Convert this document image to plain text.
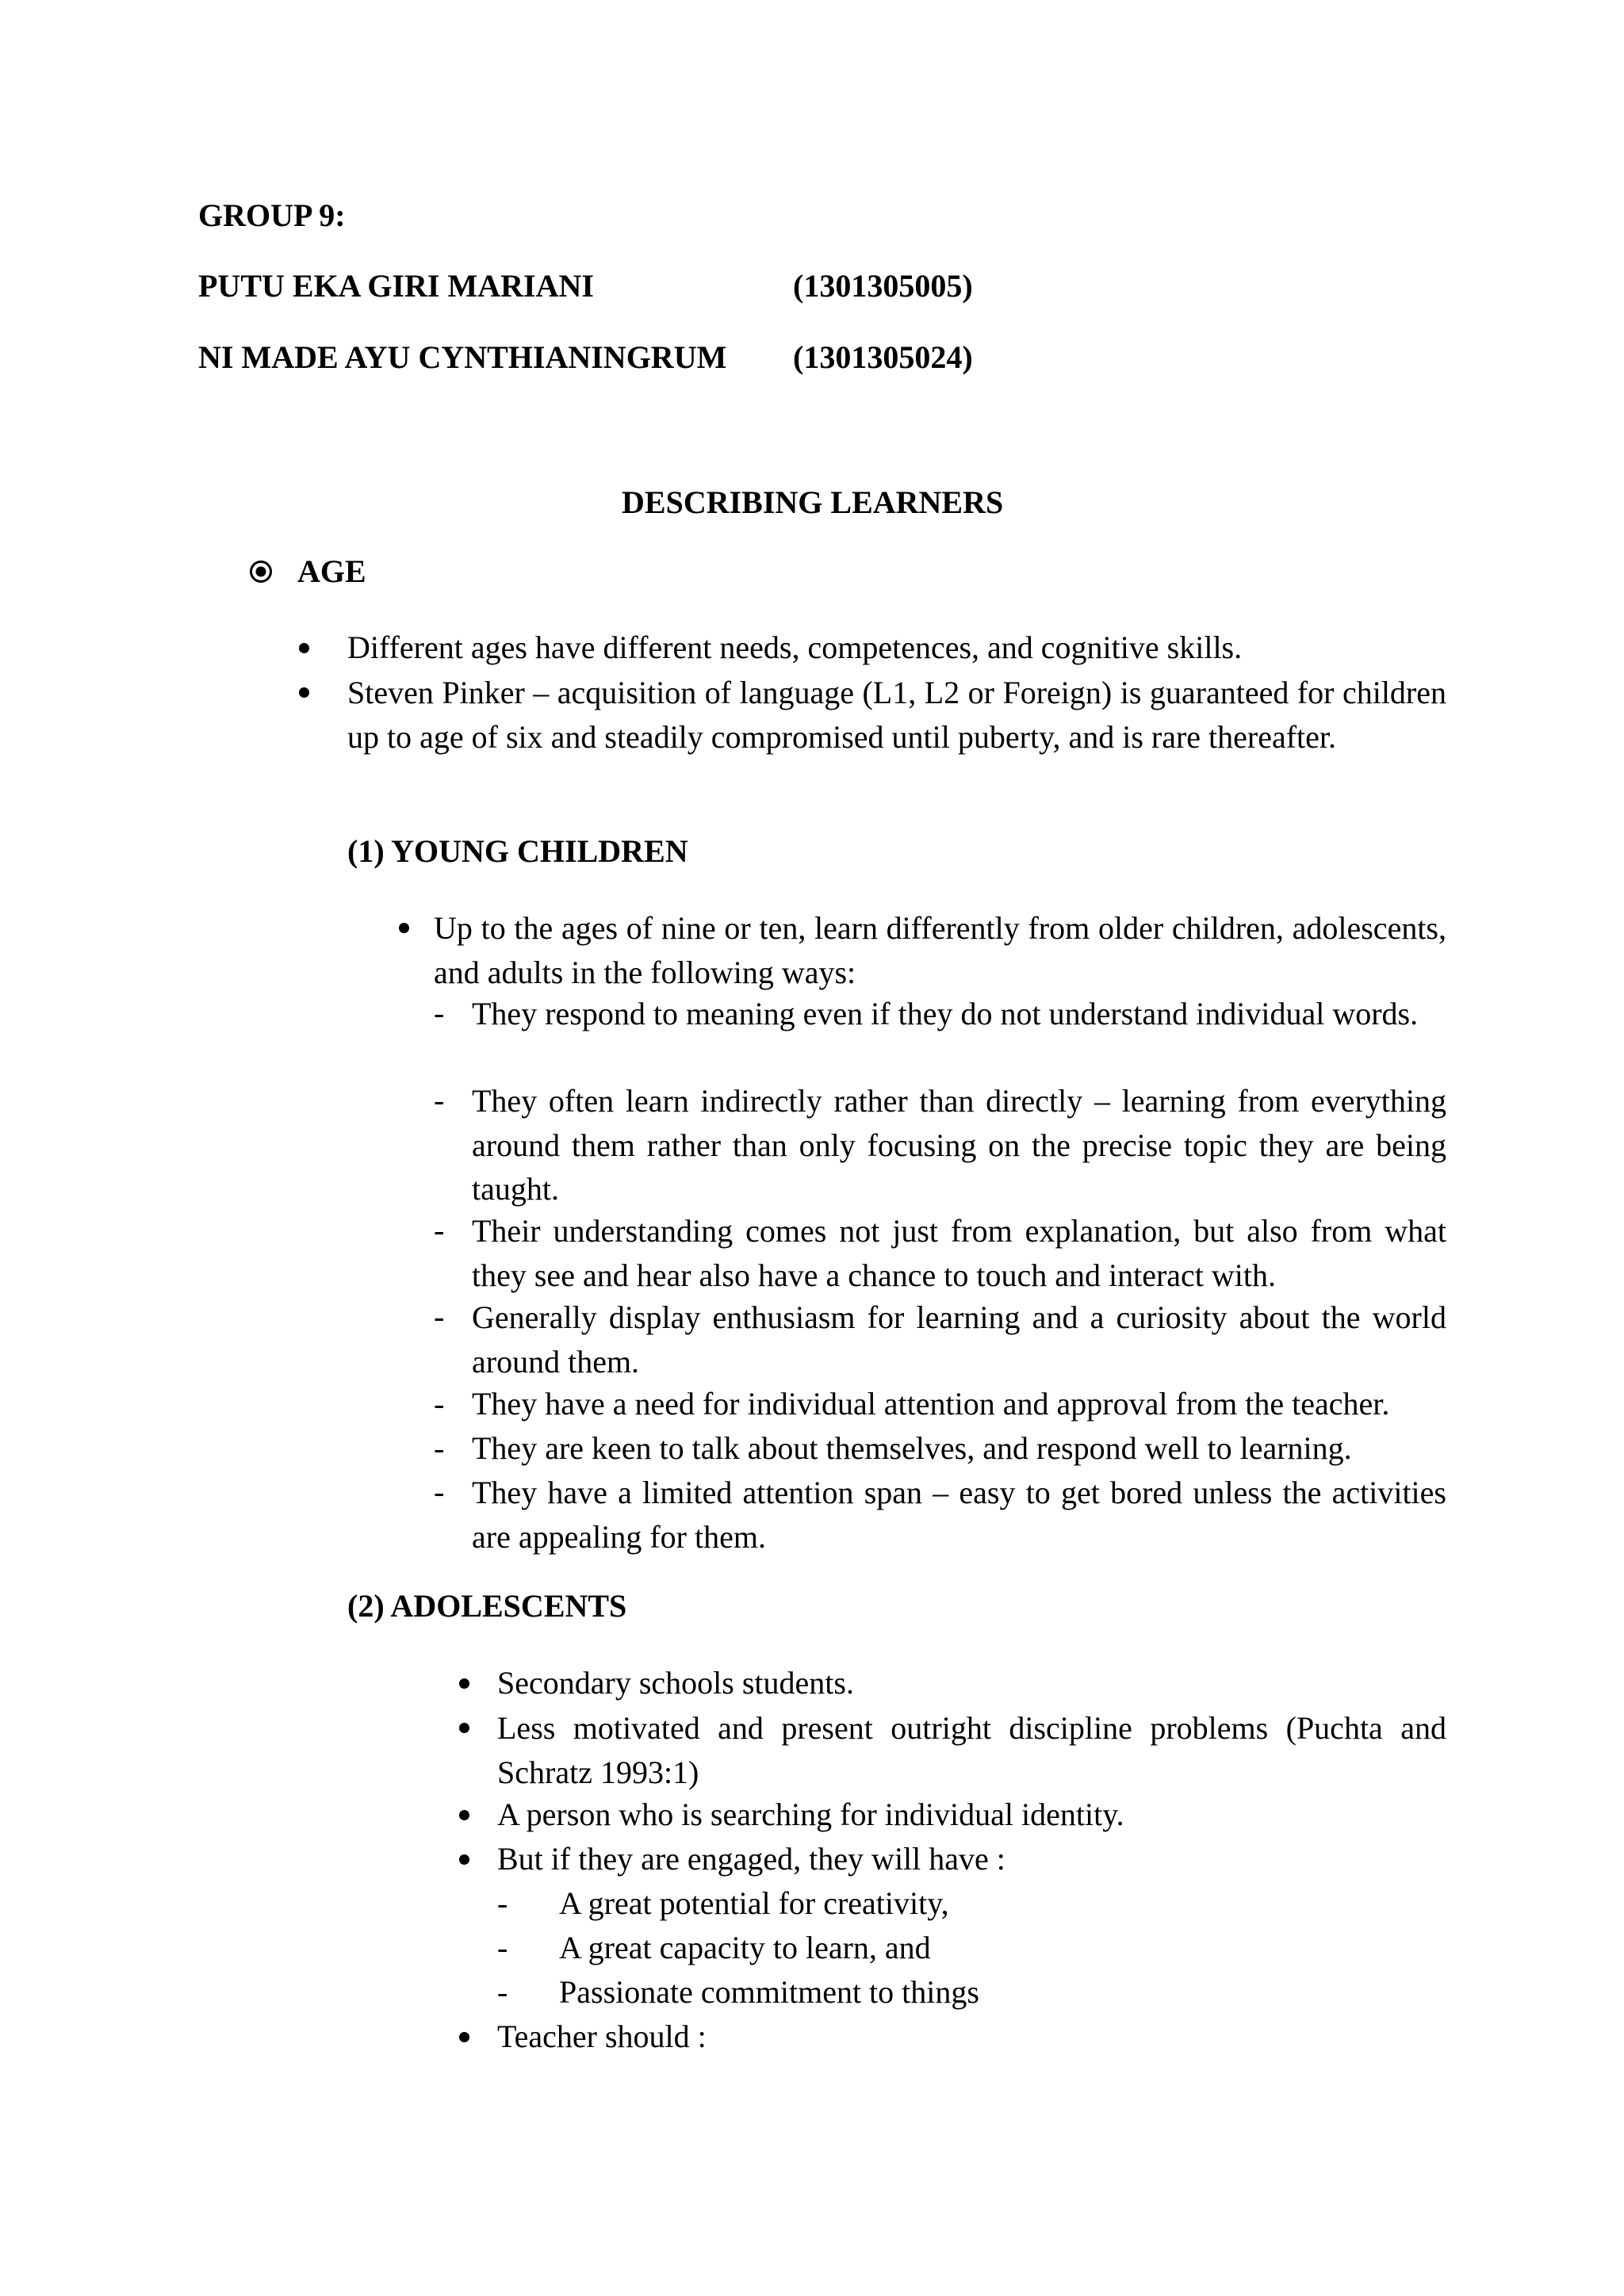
GROUP 9:
PUTU EKA GIRI MARIANI	(1301305005)
NI MADE AYU CYNTHIANINGRUM (1301305024)
DESCRIBING LEARNERS
AGE
Different ages have different needs, competences, and cognitive skills.
Steven Pinker – acquisition of language (L1, L2 or Foreign) is guaranteed for children up to age of six and steadily compromised until puberty, and is rare thereafter.
(1) YOUNG CHILDREN
Up to the ages of nine or ten, learn differently from older children, adolescents, and adults in the following ways:
- They respond to meaning even if they do not understand individual words.
- They often learn indirectly rather than directly – learning from everything around them rather than only focusing on the precise topic they are being taught.
- Their understanding comes not just from explanation, but also from what they see and hear also have a chance to touch and interact with.
- Generally display enthusiasm for learning and a curiosity about the world around them.
- They have a need for individual attention and approval from the teacher.
- They are keen to talk about themselves, and respond well to learning.
- They have a limited attention span – easy to get bored unless the activities are appealing for them.
(2) ADOLESCENTS
Secondary schools students.
Less motivated and present outright discipline problems (Puchta and Schratz 1993:1)
A person who is searching for individual identity.
But if they are engaged, they will have :
- A great potential for creativity,
- A great capacity to learn, and
- Passionate commitment to things
Teacher should :
